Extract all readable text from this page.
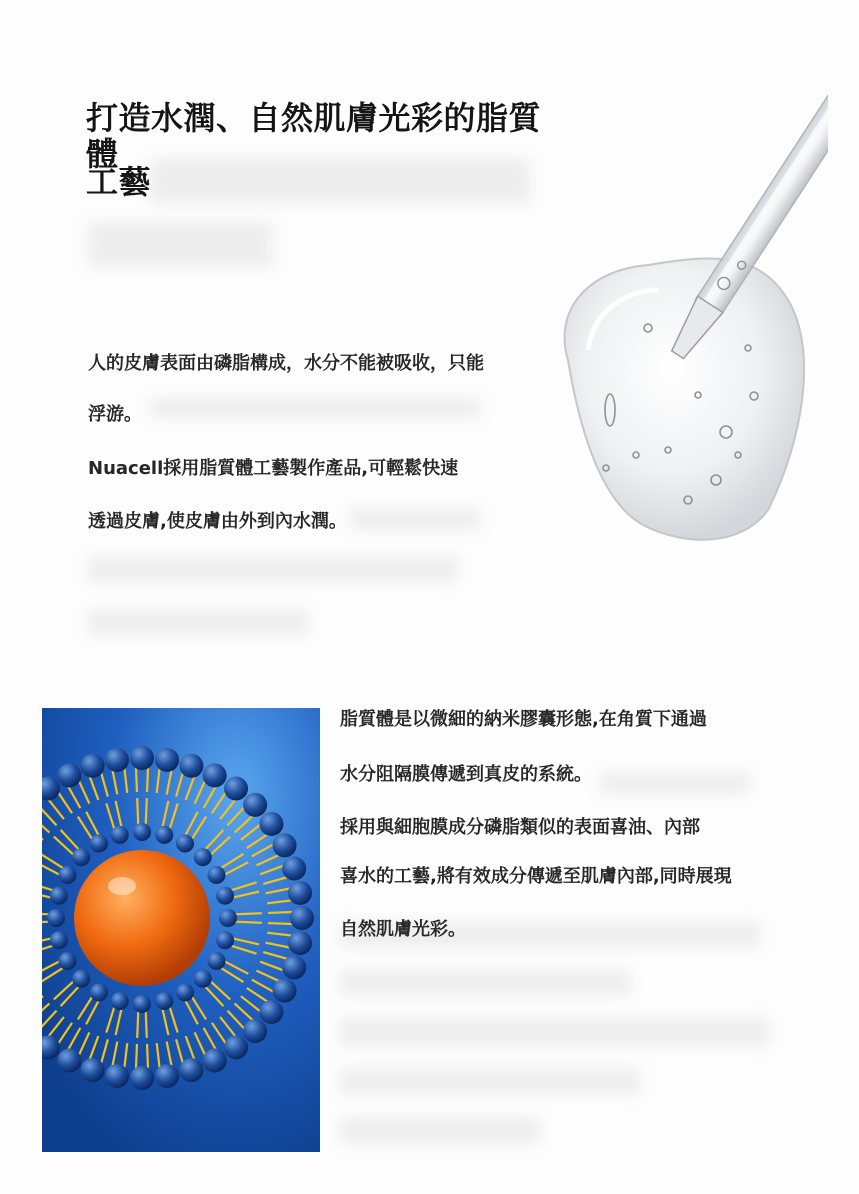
打造水潤、自然肌膚光彩的脂質體
工藝

人的皮膚表面由磷脂構成，水分不能被吸收，只能

浮游。

Nuacell採用脂質體工藝製作產品,可輕鬆快速

透過皮膚,使皮膚由外到內水潤。

脂質體是以微細的納米膠囊形態,在角質下通過

水分阻隔膜傳遞到真皮的系統。

採用與細胞膜成分磷脂類似的表面喜油、內部

喜水的工藝,將有效成分傳遞至肌膚內部,同時展現

自然肌膚光彩。
